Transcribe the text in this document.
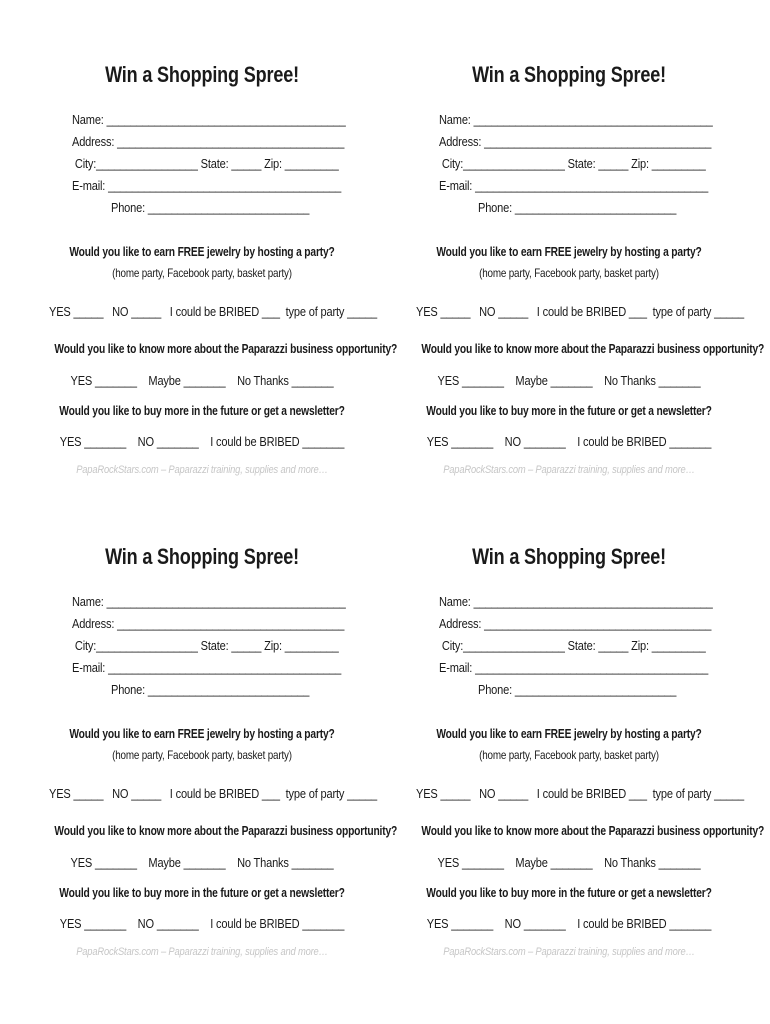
Win a Shopping Spree!

Name: ________________________________________

Address: ______________________________________

City:_________________ State: _____ Zip: _________

E-mail: _______________________________________

Phone: ___________________________

Would you like to earn FREE jewelry by hosting a party?

(home party, Facebook party, basket party)

YES _____   NO _____   I could be BRIBED ___  type of party _____

Would you like to know more about the Paparazzi business opportunity?

YES _______    Maybe _______    No Thanks _______

Would you like to buy more in the future or get a newsletter?

YES _______    NO _______    I could be BRIBED _______

PapaRockStars.com – Paparazzi training, supplies and more…

Win a Shopping Spree!

Name: ________________________________________

Address: ______________________________________

City:_________________ State: _____ Zip: _________

E-mail: _______________________________________

Phone: ___________________________

Would you like to earn FREE jewelry by hosting a party?

(home party, Facebook party, basket party)

YES _____   NO _____   I could be BRIBED ___  type of party _____

Would you like to know more about the Paparazzi business opportunity?

YES _______    Maybe _______    No Thanks _______

Would you like to buy more in the future or get a newsletter?

YES _______    NO _______    I could be BRIBED _______

PapaRockStars.com – Paparazzi training, supplies and more…

Win a Shopping Spree!

Name: ________________________________________

Address: ______________________________________

City:_________________ State: _____ Zip: _________

E-mail: _______________________________________

Phone: ___________________________

Would you like to earn FREE jewelry by hosting a party?

(home party, Facebook party, basket party)

YES _____   NO _____   I could be BRIBED ___  type of party _____

Would you like to know more about the Paparazzi business opportunity?

YES _______    Maybe _______    No Thanks _______

Would you like to buy more in the future or get a newsletter?

YES _______    NO _______    I could be BRIBED _______

PapaRockStars.com – Paparazzi training, supplies and more…

Win a Shopping Spree!

Name: ________________________________________

Address: ______________________________________

City:_________________ State: _____ Zip: _________

E-mail: _______________________________________

Phone: ___________________________

Would you like to earn FREE jewelry by hosting a party?

(home party, Facebook party, basket party)

YES _____   NO _____   I could be BRIBED ___  type of party _____

Would you like to know more about the Paparazzi business opportunity?

YES _______    Maybe _______    No Thanks _______

Would you like to buy more in the future or get a newsletter?

YES _______    NO _______    I could be BRIBED _______

PapaRockStars.com – Paparazzi training, supplies and more…
